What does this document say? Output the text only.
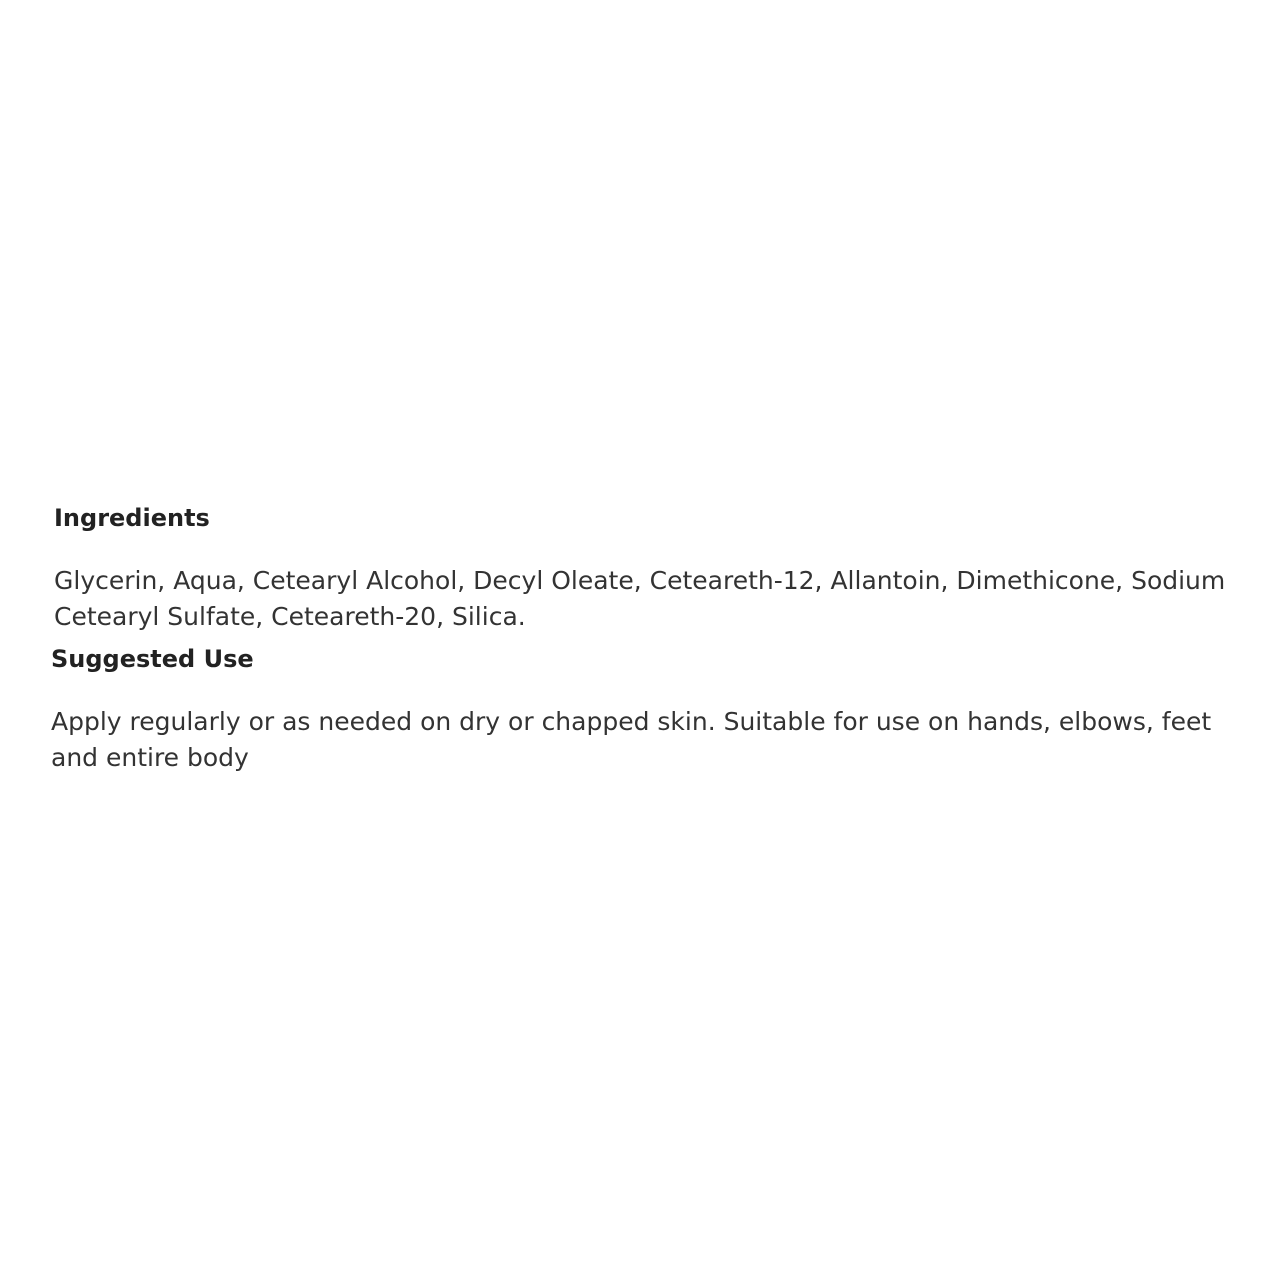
Ingredients

Glycerin, Aqua, Cetearyl Alcohol, Decyl Oleate, Ceteareth-12, Allantoin, Dimethicone, Sodium Cetearyl Sulfate, Ceteareth-20, Silica.

Suggested Use

Apply regularly or as needed on dry or chapped skin. Suitable for use on hands, elbows, feet and entire body
